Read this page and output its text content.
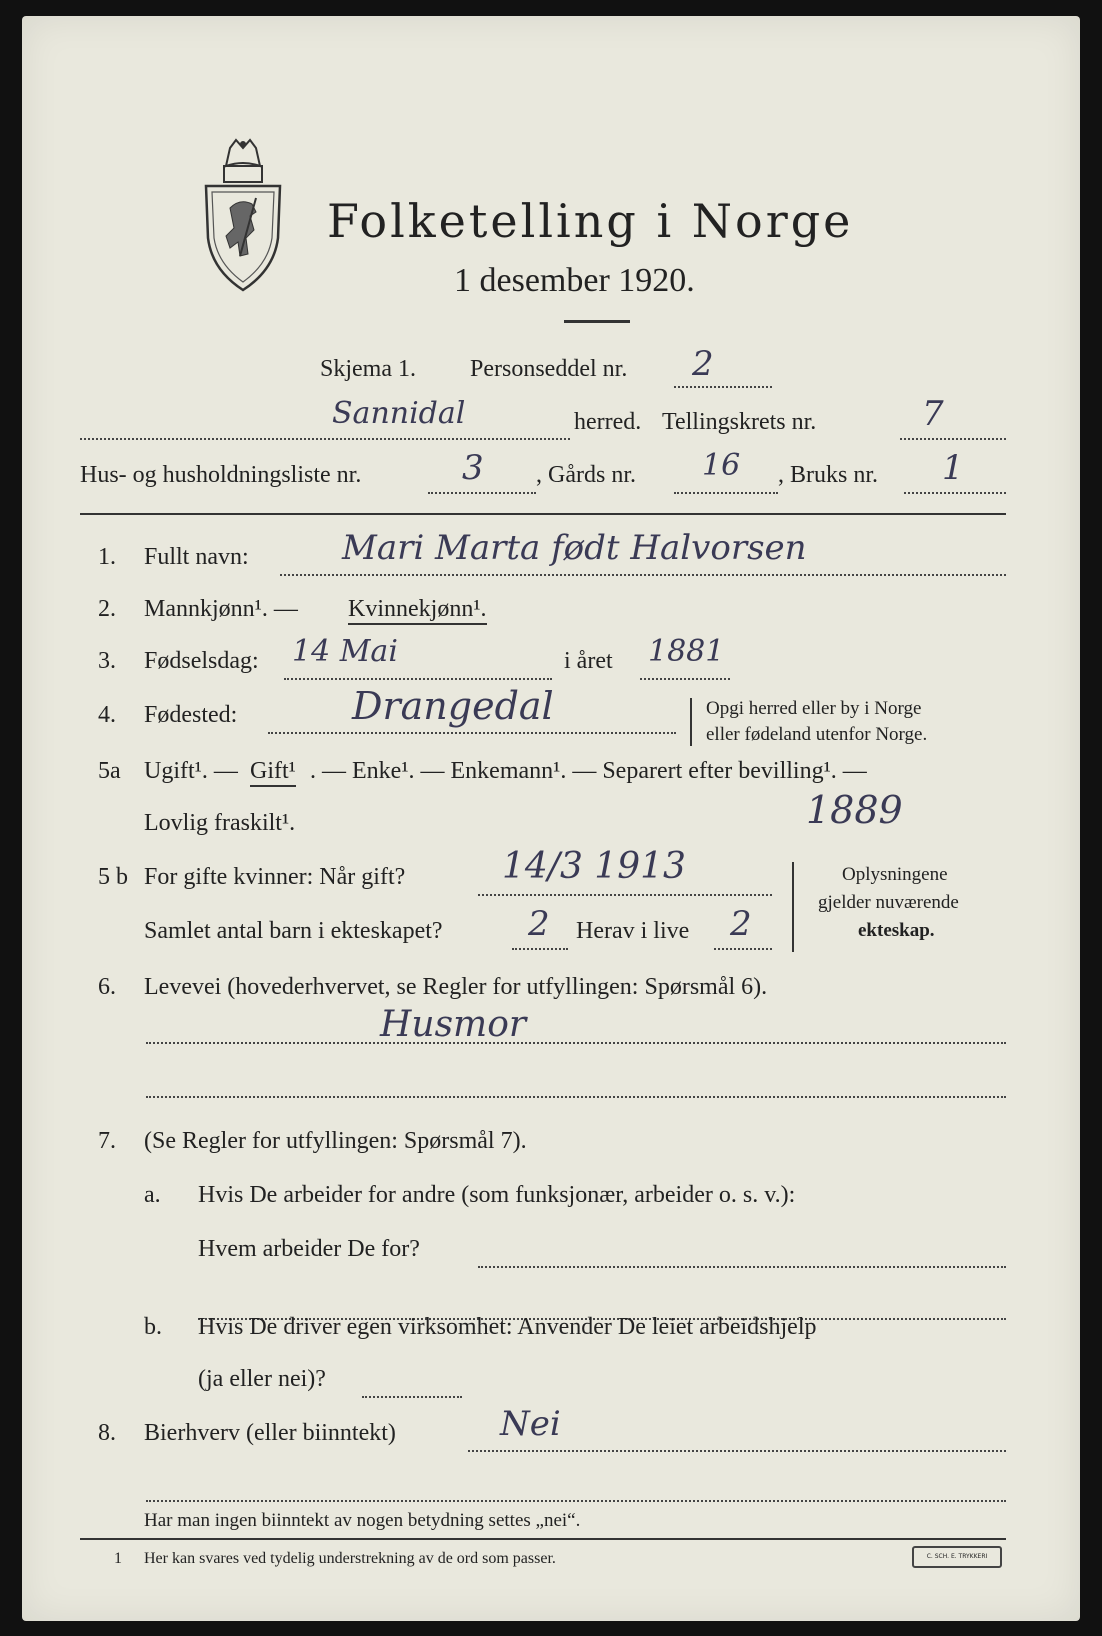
Folketelling i Norge
1 desember 1920.
Skjema 1. Personseddel nr. 2
Sannidal	herred. Tellingskrets nr.	7
Hus- og husholdningsliste nr.	3 , Gårds nr. 16 , Bruks nr. 1
1. Fullt navn:	Mari Marta født Halvorsen
2. Mannkjønn¹. — Kvinnekjønn¹.
3. Fødselsdag: 14 Mai	i året 1881
4. Fødested:	Drangedal	Opgi herred eller by i Norge
eller fødeland utenfor Norge.
5a Ugift¹. — Gift¹ . — Enke¹. — Enkemann¹. — Separert efter bevilling¹. —
Lovlig fraskilt¹.	1889
5 b For gifte kvinner: Når gift?	14/3 1913
Samlet antal barn i ekteskapet?	2 Herav i live 2
Oplysningene
gjelder nuværende
ekteskap.
6. Levevei (hovederhvervet, se Regler for utfyllingen: Spørsmål 6).
Husmor
7. (Se Regler for utfyllingen: Spørsmål 7).
a. Hvis De arbeider for andre (som funksjonær, arbeider o. s. v.):
Hvem arbeider De for?
b. Hvis De driver egen virksomhet: Anvender De leiet arbeidshjelp
(ja eller nei)?
8. Bierhverv (eller biinntekt)	Nei
Har man ingen biinntekt av nogen betydning settes „nei“.
1 Her kan svares ved tydelig understrekning av de ord som passer.	C. SCH. E. TRYKKERI
